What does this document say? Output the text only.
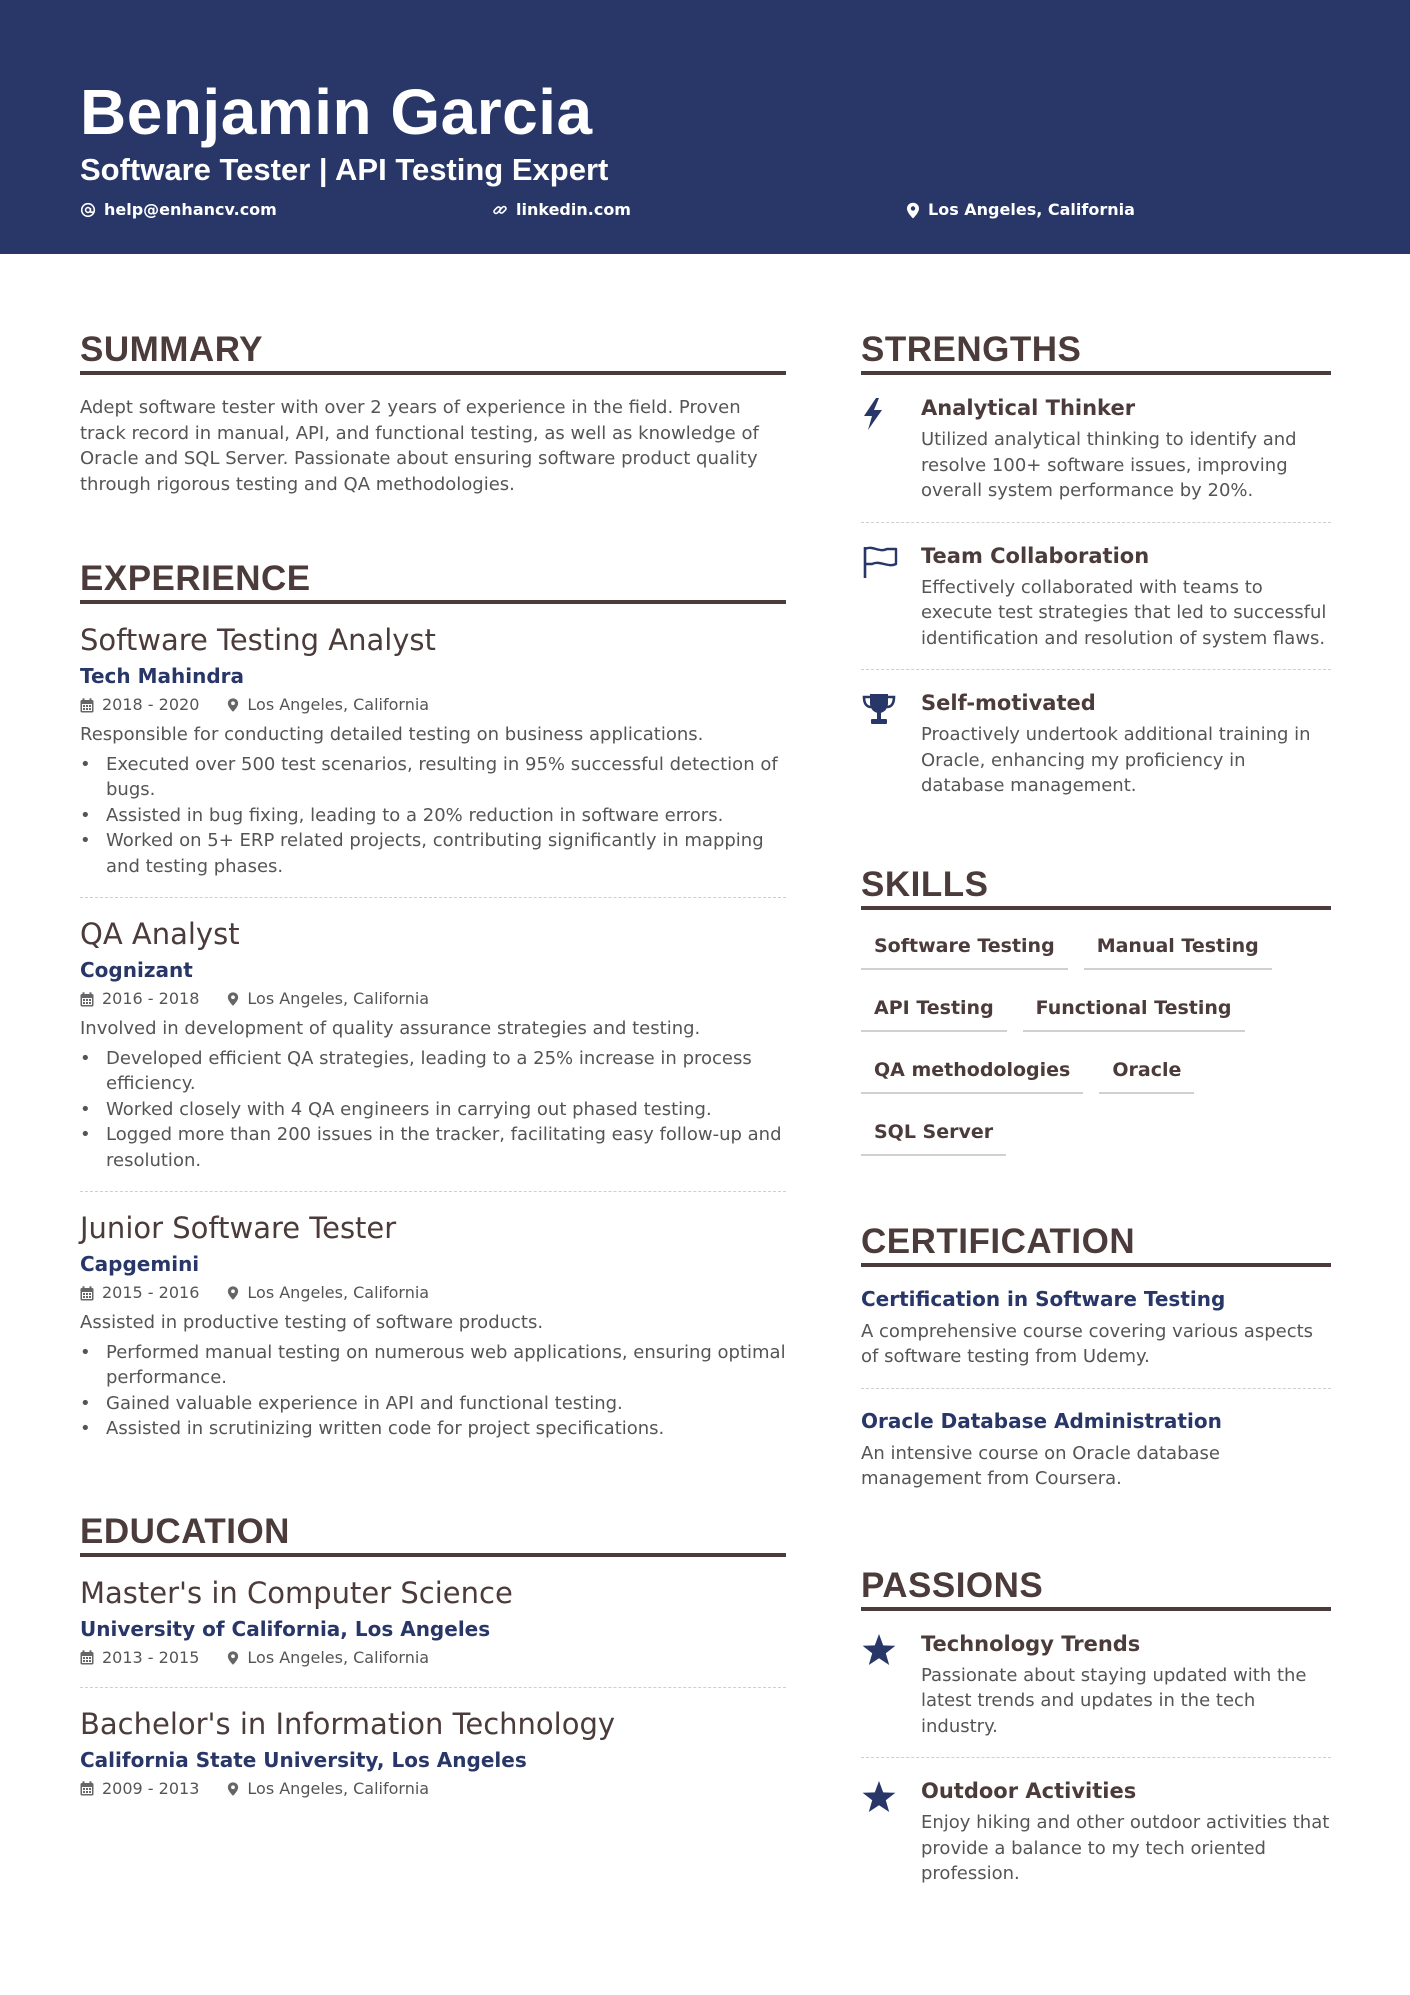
Benjamin Garcia
Software Tester | API Testing Expert
help@enhancv.com	linkedin.com	Los Angeles, California
SUMMARY
Adept software tester with over 2 years of experience in the field. Proven track record in manual, API, and functional testing, as well as knowledge of Oracle and SQL Server. Passionate about ensuring software product quality through rigorous testing and QA methodologies.
EXPERIENCE
Software Testing Analyst
Tech Mahindra
2018 - 2020	Los Angeles, California
Responsible for conducting detailed testing on business applications.
• Executed over 500 test scenarios, resulting in 95% successful detection of bugs.
• Assisted in bug fixing, leading to a 20% reduction in software errors.
• Worked on 5+ ERP related projects, contributing significantly in mapping and testing phases.
QA Analyst
Cognizant
2016 - 2018	Los Angeles, California
Involved in development of quality assurance strategies and testing.
• Developed efficient QA strategies, leading to a 25% increase in process efficiency.
• Worked closely with 4 QA engineers in carrying out phased testing.
• Logged more than 200 issues in the tracker, facilitating easy follow-up and resolution.
Junior Software Tester
Capgemini
2015 - 2016	Los Angeles, California
Assisted in productive testing of software products.
• Performed manual testing on numerous web applications, ensuring optimal performance.
• Gained valuable experience in API and functional testing.
• Assisted in scrutinizing written code for project specifications.
EDUCATION
Master's in Computer Science
University of California, Los Angeles
2013 - 2015	Los Angeles, California
Bachelor's in Information Technology
California State University, Los Angeles
2009 - 2013	Los Angeles, California
STRENGTHS
Analytical Thinker
Utilized analytical thinking to identify and resolve 100+ software issues, improving overall system performance by 20%.
Team Collaboration
Effectively collaborated with teams to execute test strategies that led to successful identification and resolution of system flaws.
Self-motivated
Proactively undertook additional training in Oracle, enhancing my proficiency in database management.
SKILLS
Software Testing	Manual Testing
API Testing	Functional Testing
QA methodologies	Oracle
SQL Server
CERTIFICATION
Certification in Software Testing
A comprehensive course covering various aspects of software testing from Udemy.
Oracle Database Administration
An intensive course on Oracle database management from Coursera.
PASSIONS
Technology Trends
Passionate about staying updated with the latest trends and updates in the tech industry.
Outdoor Activities
Enjoy hiking and other outdoor activities that provide a balance to my tech oriented profession.
